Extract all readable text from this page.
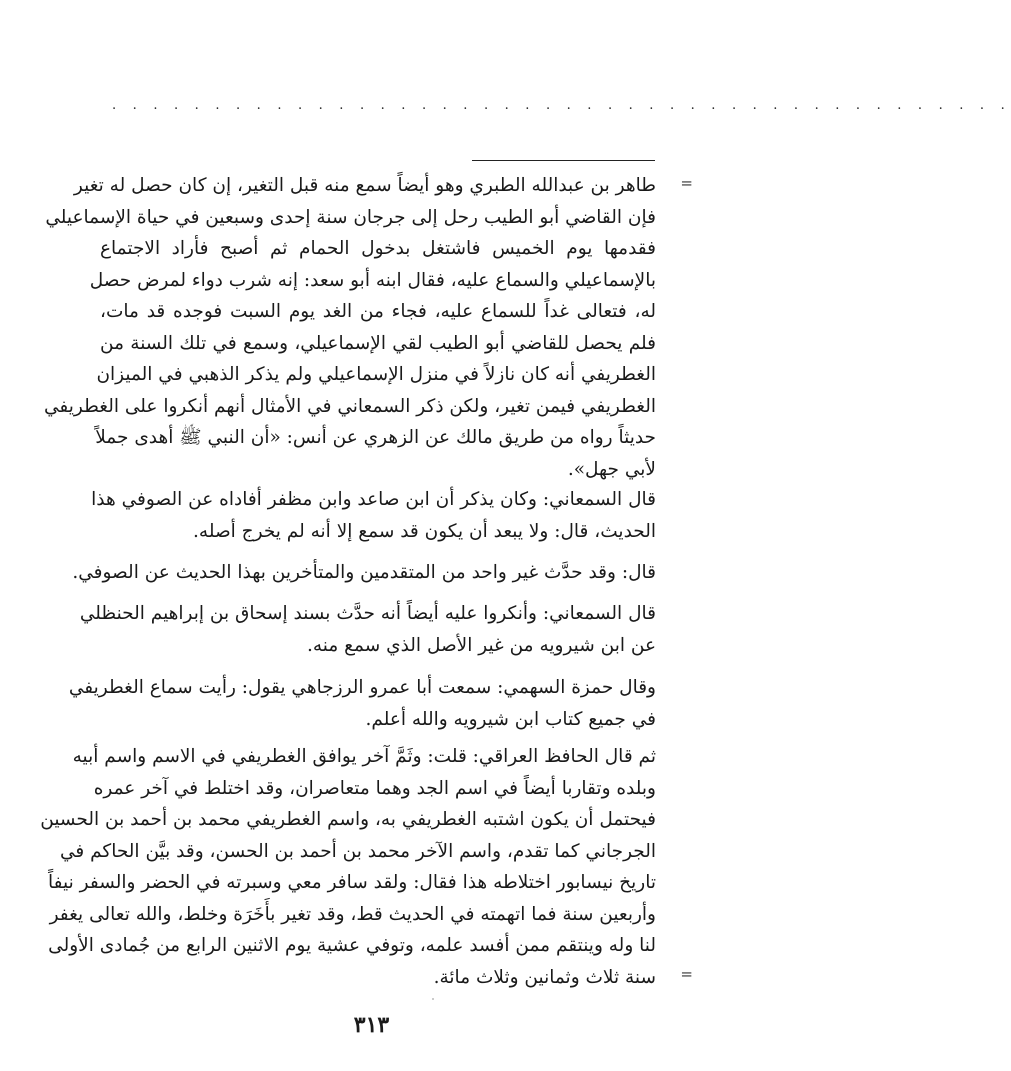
. . . . . . . . . . . . . . . . . . . . . . . . . . . . . . . . . . . . . . . . . . . .
=
=
طاهر بن عبدالله الطبري وهو أيضاً سمع منه قبل التغير، إن كان حصل له تغير
فإن القاضي أبو الطيب رحل إلى جرجان سنة إحدى وسبعين في حياة الإسماعيلي
فقدمها يوم الخميس فاشتغل بدخول الحمام ثم أصبح فأراد الاجتماع
بالإسماعيلي والسماع عليه، فقال ابنه أبو سعد: إنه شرب دواء لمرض حصل
له، فتعالى غداً للسماع عليه، فجاء من الغد يوم السبت فوجده قد مات،
فلم يحصل للقاضي أبو الطيب لقي الإسماعيلي، وسمع في تلك السنة من
الغطريفي أنه كان نازلاً في منزل الإسماعيلي ولم يذكر الذهبي في الميزان
الغطريفي فيمن تغير، ولكن ذكر السمعاني في الأمثال أنهم أنكروا على الغطريفي
حديثاً رواه من طريق مالك عن الزهري عن أنس: «أن النبي ﷺ أهدى جملاً
لأبي جهل».
قال السمعاني: وكان يذكر أن ابن صاعد وابن مظفر أفاداه عن الصوفي هذا
الحديث، قال: ولا يبعد أن يكون قد سمع إلا أنه لم يخرج أصله.
قال: وقد حدَّث غير واحد من المتقدمين والمتأخرين بهذا الحديث عن الصوفي.
قال السمعاني: وأنكروا عليه أيضاً أنه حدَّث بسند إسحاق بن إبراهيم الحنظلي
عن ابن شيرويه من غير الأصل الذي سمع منه.
وقال حمزة السهمي: سمعت أبا عمرو الرزجاهي يقول: رأيت سماع الغطريفي
في جميع كتاب ابن شيرويه والله أعلم.
ثم قال الحافظ العراقي: قلت: وثَمَّ آخر يوافق الغطريفي في الاسم واسم أبيه
وبلده وتقاربا أيضاً في اسم الجد وهما متعاصران، وقد اختلط في آخر عمره
فيحتمل أن يكون اشتبه الغطريفي به، واسم الغطريفي محمد بن أحمد بن الحسين
الجرجاني كما تقدم، واسم الآخر محمد بن أحمد بن الحسن، وقد بيَّن الحاكم في
تاريخ نيسابور اختلاطه هذا فقال: ولقد سافر معي وسبرته في الحضر والسفر نيفاً
وأربعين سنة فما اتهمته في الحديث قط، وقد تغير بأَخَرَة وخلط، والله تعالى يغفر
لنا وله وينتقم ممن أفسد علمه، وتوفي عشية يوم الاثنين الرابع من جُمادى الأولى
سنة ثلاث وثمانين وثلاث مائة.
٣١٣
